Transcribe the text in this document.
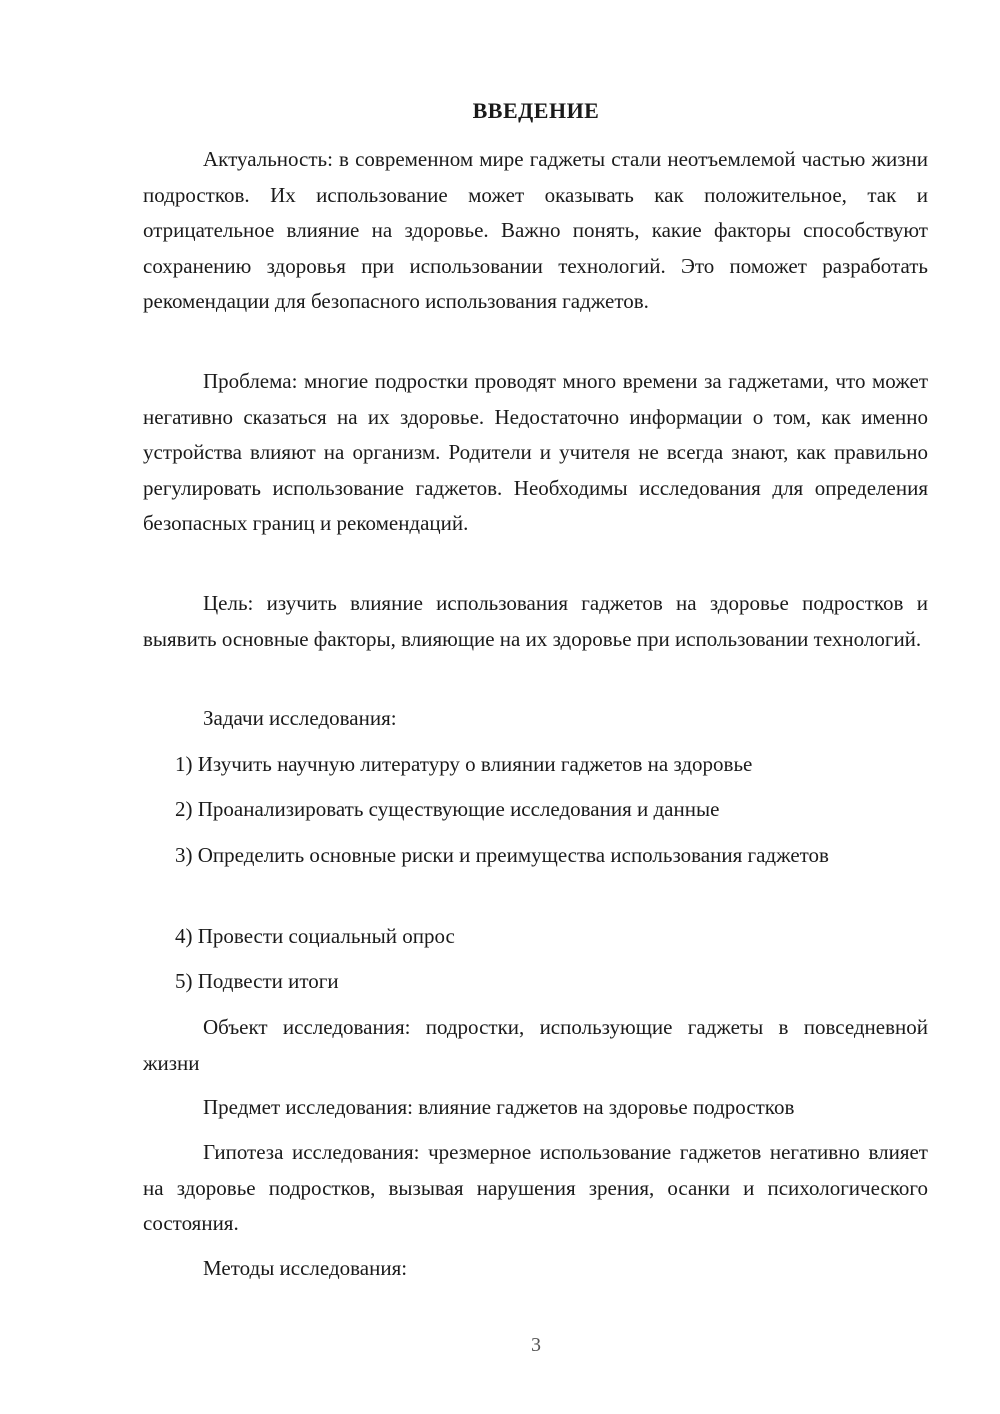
ВВЕДЕНИЕ

Актуальность: в современном мире гаджеты стали неотъемлемой частью жизни подростков. Их использование может оказывать как положительное, так и отрицательное влияние на здоровье. Важно понять, какие факторы способствуют сохранению здоровья при использовании технологий. Это поможет разработать рекомендации для безопасного использования гаджетов.

Проблема: многие подростки проводят много времени за гаджетами, что может негативно сказаться на их здоровье. Недостаточно информации о том, как именно устройства влияют на организм. Родители и учителя не всегда знают, как правильно регулировать использование гаджетов. Необходимы исследования для определения безопасных границ и рекомендаций.

Цель: изучить влияние использования гаджетов на здоровье подростков и выявить основные факторы, влияющие на их здоровье при использовании технологий.

Задачи исследования:

1) Изучить научную литературу о влиянии гаджетов на здоровье

2) Проанализировать существующие исследования и данные

3) Определить основные риски и преимущества использования гаджетов

4) Провести социальный опрос

5) Подвести итоги

Объект исследования: подростки, использующие гаджеты в повседневной жизни

Предмет исследования: влияние гаджетов на здоровье подростков

Гипотеза исследования: чрезмерное использование гаджетов негативно влияет на здоровье подростков, вызывая нарушения зрения, осанки и психологического состояния.

Методы исследования:

3
